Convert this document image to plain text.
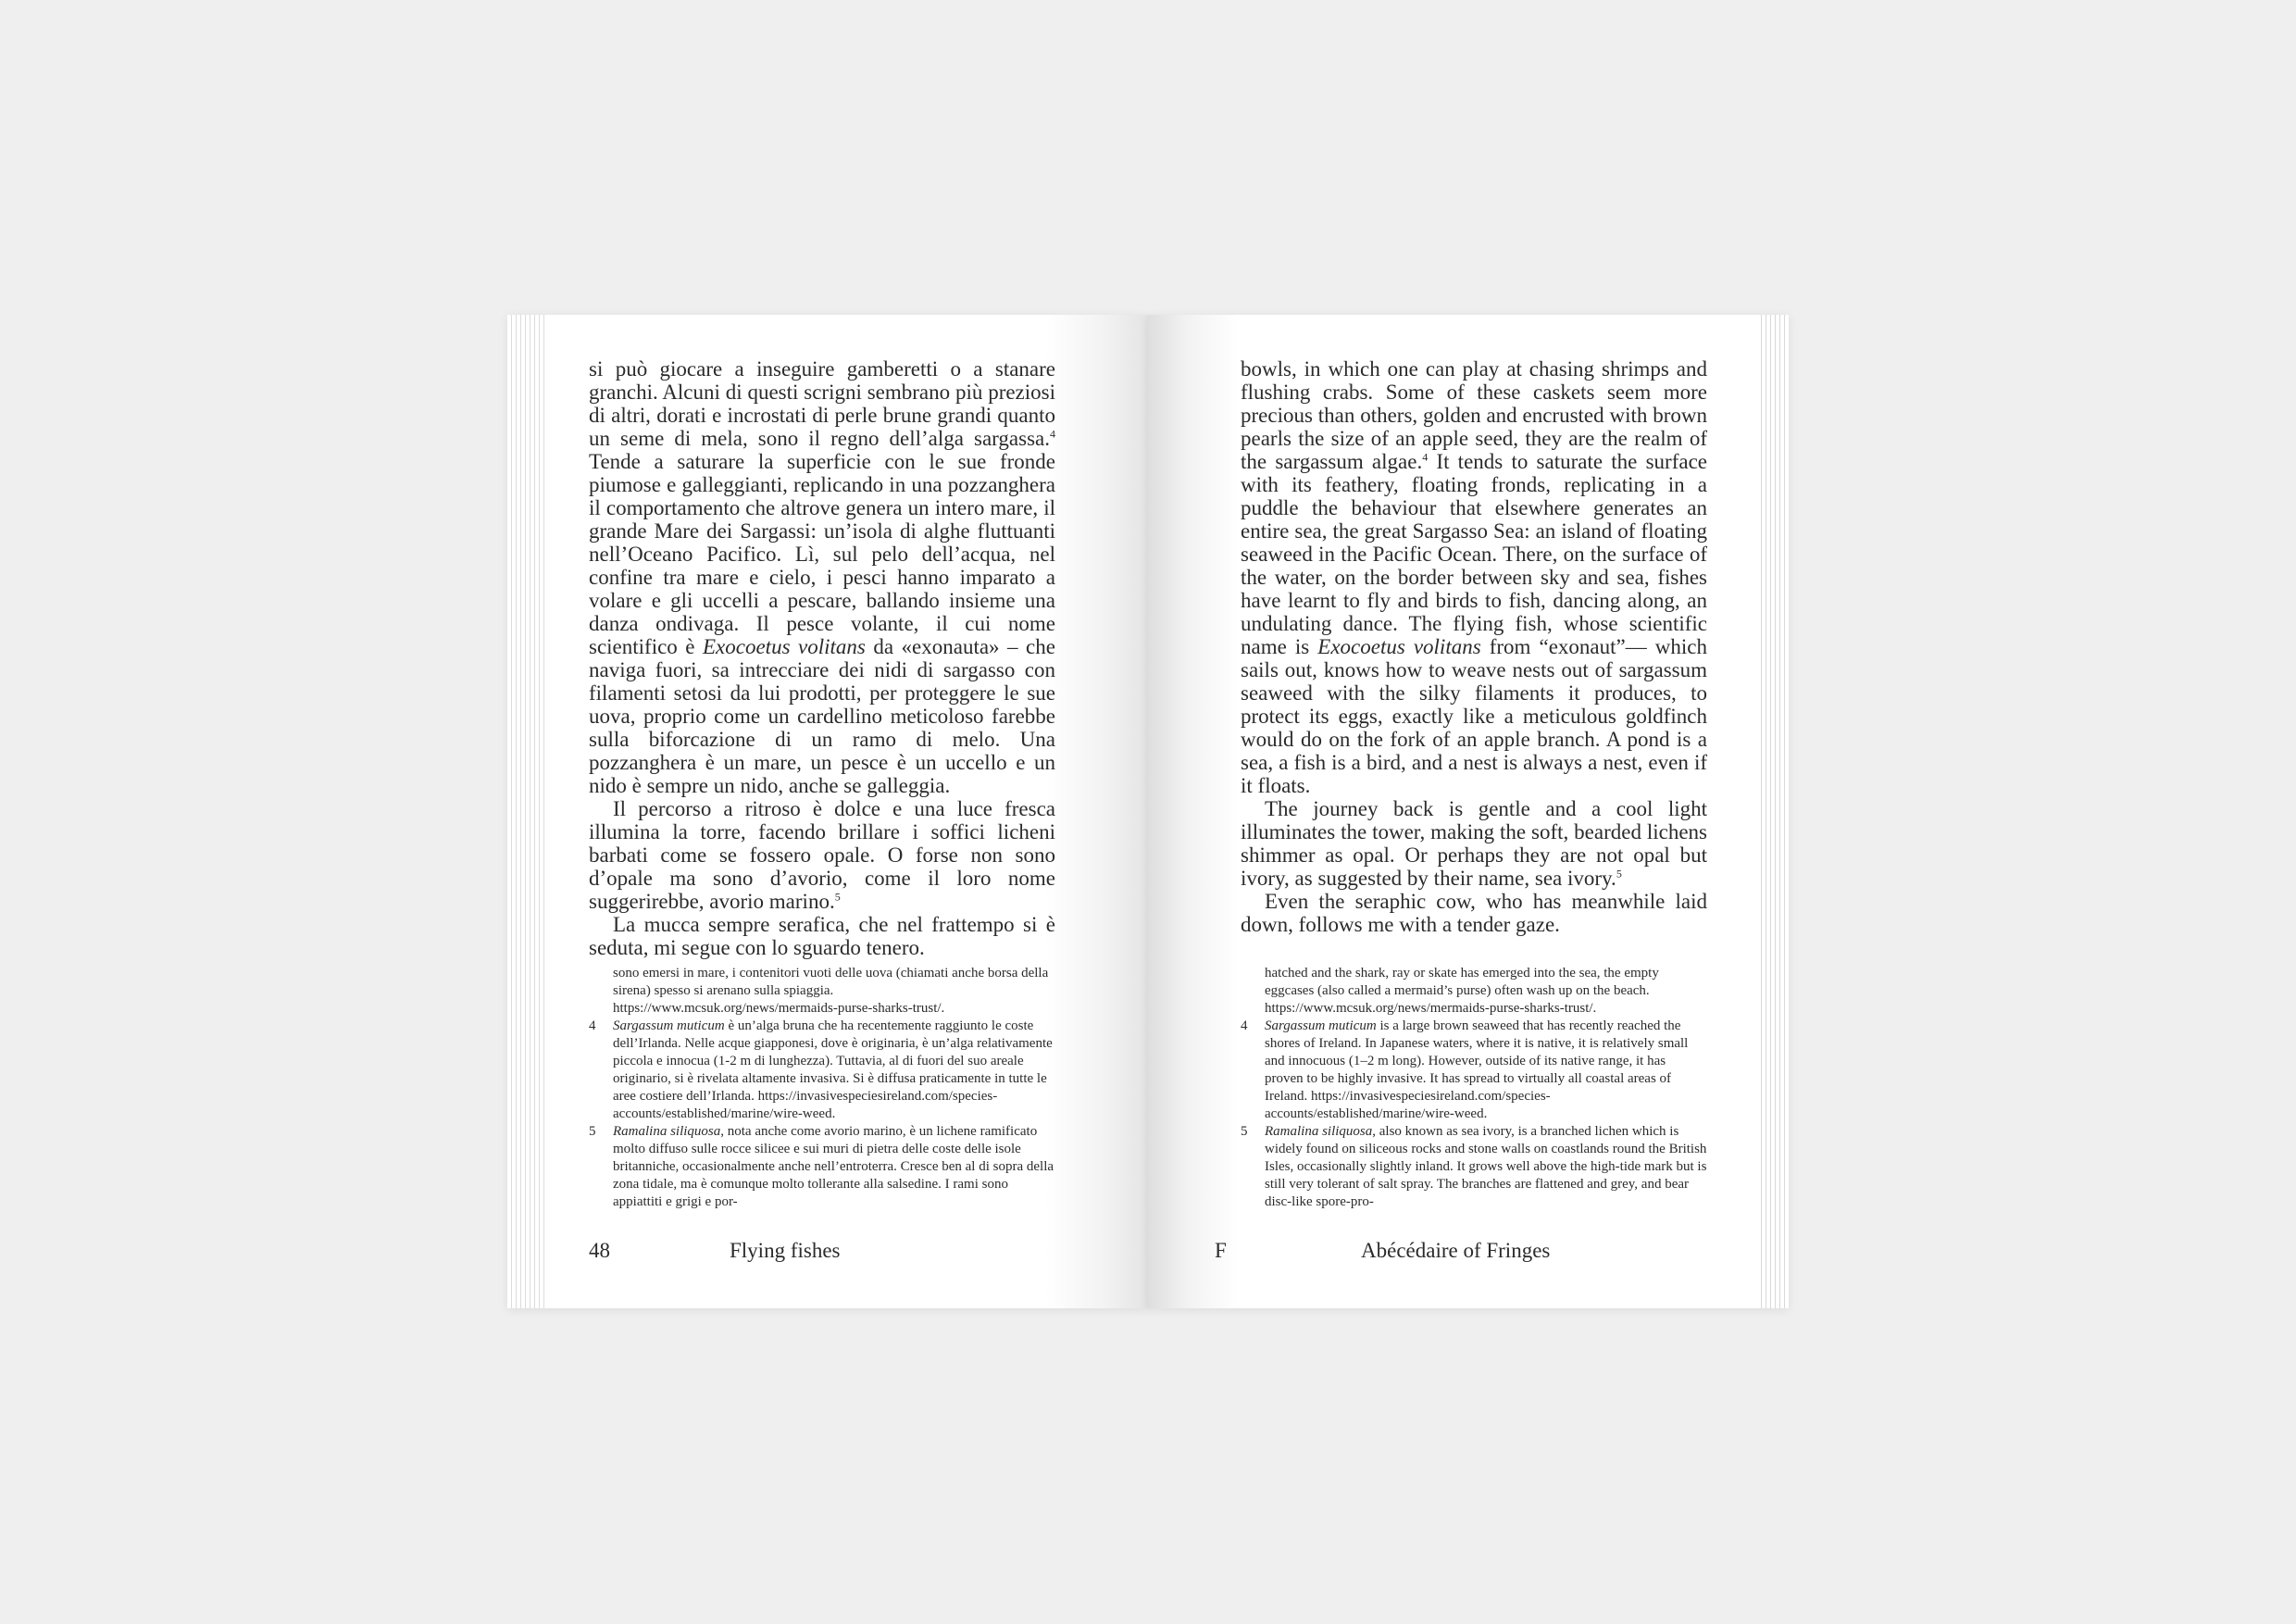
si può giocare a inseguire gamberetti o a stanare granchi. Alcuni di questi scrigni sembrano più preziosi di altri, dorati e incrostati di perle brune grandi quanto un seme di mela, sono il regno dell’alga sargassa.$^4$ Tende a saturare la superficie con le sue fronde piumose e galleggianti, replicando in una pozzanghera il comportamento che altrove genera un intero mare, il grande Mare dei Sargassi: un’isola di alghe fluttuanti nell’Oceano Pacifico. Lì, sul pelo dell’acqua, nel confine tra mare e cielo, i pesci hanno imparato a volare e gli uccelli a pescare, ballando insieme una danza ondivaga. Il pesce volante, il cui nome scientifico è Exocoetus volitans da «exonauta» – che naviga fuori, sa intrecciare dei nidi di sargasso con filamenti setosi da lui prodotti, per proteggere le sue uova, proprio come un cardellino meticoloso farebbe sulla biforcazione di un ramo di melo. Una pozzanghera è un mare, un pesce è un uccello e un nido è sempre un nido, anche se galleggia.

Il percorso a ritroso è dolce e una luce fresca illumina la torre, facendo brillare i soffici licheni barbati come se fossero opale. O forse non sono d’opale ma sono d’avorio, come il loro nome suggerirebbe, avorio marino.$^5$

La mucca sempre serafica, che nel frattempo si è seduta, mi segue con lo sguardo tenero.

sono emersi in mare, i contenitori vuoti delle uova (chiamati anche borsa della sirena) spesso si arenano sulla spiaggia. https://www.mcsuk.org/news/mermaids-purse-sharks-trust/.

4 Sargassum muticum è un’alga bruna che ha recentemente raggiunto le coste dell’Irlanda. Nelle acque giapponesi, dove è originaria, è un’alga relativamente piccola e innocua (1-2 m di lunghezza). Tuttavia, al di fuori del suo areale originario, si è rivelata altamente invasiva. Si è diffusa praticamente in tutte le aree costiere dell’Irlanda. https://invasivespeciesireland.com/species-accounts/established/marine/wire-weed.

5 Ramalina siliquosa, nota anche come avorio marino, è un lichene ramificato molto diffuso sulle rocce silicee e sui muri di pietra delle coste delle isole britanniche, occasionalmente anche nell’entroterra. Cresce ben al di sopra della zona tidale, ma è comunque molto tollerante alla salsedine. I rami sono appiattiti e grigi e por-

48	Flying fishes

bowls, in which one can play at chasing shrimps and flushing crabs. Some of these caskets seem more precious than others, golden and encrusted with brown pearls the size of an apple seed, they are the realm of the sargassum algae.$^4$ It tends to saturate the surface with its feathery, floating fronds, replicating in a puddle the behaviour that elsewhere generates an entire sea, the great Sargasso Sea: an island of floating seaweed in the Pacific Ocean. There, on the surface of the water, on the border between sky and sea, fishes have learnt to fly and birds to fish, dancing along, an undulating dance. The flying fish, whose scientific name is Exocoetus volitans from “exonaut”— which sails out, knows how to weave nests out of sargassum seaweed with the silky filaments it produces, to protect its eggs, exactly like a meticulous goldfinch would do on the fork of an apple branch. A pond is a sea, a fish is a bird, and a nest is always a nest, even if it floats.

The journey back is gentle and a cool light illuminates the tower, making the soft, bearded lichens shimmer as opal. Or perhaps they are not opal but ivory, as suggested by their name, sea ivory.$^5$

Even the seraphic cow, who has meanwhile laid down, follows me with a tender gaze.

hatched and the shark, ray or skate has emerged into the sea, the empty eggcases (also called a mermaid’s purse) often wash up on the beach. https://www.mcsuk.org/news/mermaids-purse-sharks-trust/.

4 Sargassum muticum is a large brown seaweed that has recently reached the shores of Ireland. In Japanese waters, where it is native, it is relatively small and innocuous (1–2 m long). However, outside of its native range, it has proven to be highly invasive. It has spread to virtually all coastal areas of Ireland. https://invasivespeciesireland.com/species-accounts/established/marine/wire-weed.

5 Ramalina siliquosa, also known as sea ivory, is a branched lichen which is widely found on siliceous rocks and stone walls on coastlands round the British Isles, occasionally slightly inland. It grows well above the high-tide mark but is still very tolerant of salt spray. The branches are flattened and grey, and bear disc-like spore-pro-

F	Abécédaire of Fringes
